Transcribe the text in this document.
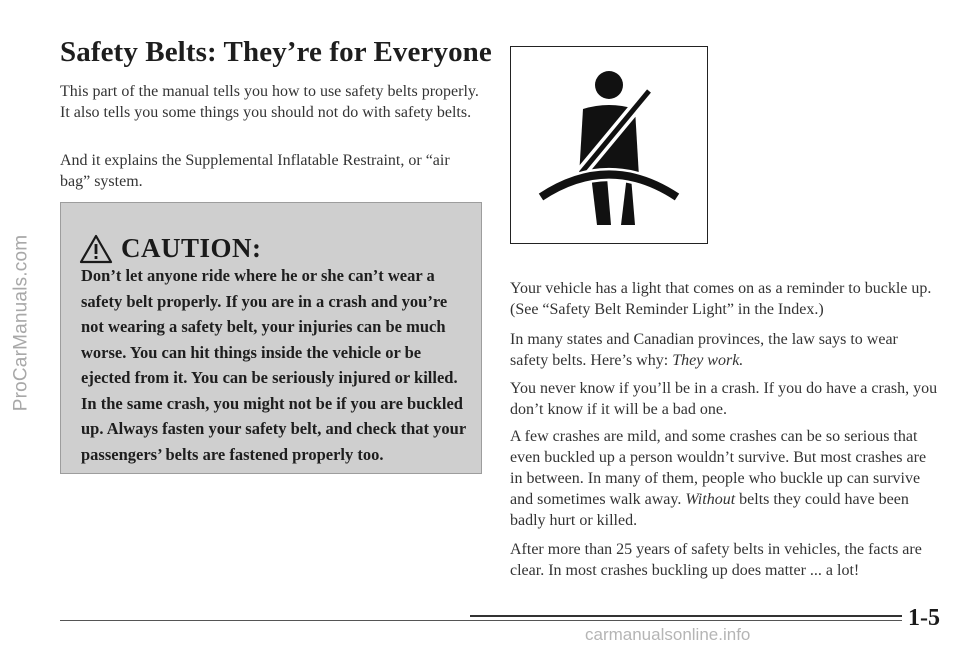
ProCarManuals.com
Safety Belts: They’re for Everyone

This part of the manual tells you how to use safety belts properly. It also tells you some things you should not do with safety belts.

And it explains the Supplemental Inflatable Restraint, or “air bag” system.

CAUTION:

Don’t let anyone ride where he or she can’t wear a safety belt properly. If you are in a crash and you’re not wearing a safety belt, your injuries can be much worse. You can hit things inside the vehicle or be ejected from it. You can be seriously injured or killed. In the same crash, you might not be if you are buckled up. Always fasten your safety belt, and check that your passengers’ belts are fastened properly too.

Your vehicle has a light that comes on as a reminder to buckle up. (See “Safety Belt Reminder Light” in the Index.)

In many states and Canadian provinces, the law says to wear safety belts. Here’s why: They work.

You never know if you’ll be in a crash. If you do have a crash, you don’t know if it will be a bad one.

A few crashes are mild, and some crashes can be so serious that even buckled up a person wouldn’t survive. But most crashes are in between. In many of them, people who buckle up can survive and sometimes walk away. Without belts they could have been badly hurt or killed.

After more than 25 years of safety belts in vehicles, the facts are clear. In most crashes buckling up does matter ... a lot!

1-5
carmanualsonline.info
